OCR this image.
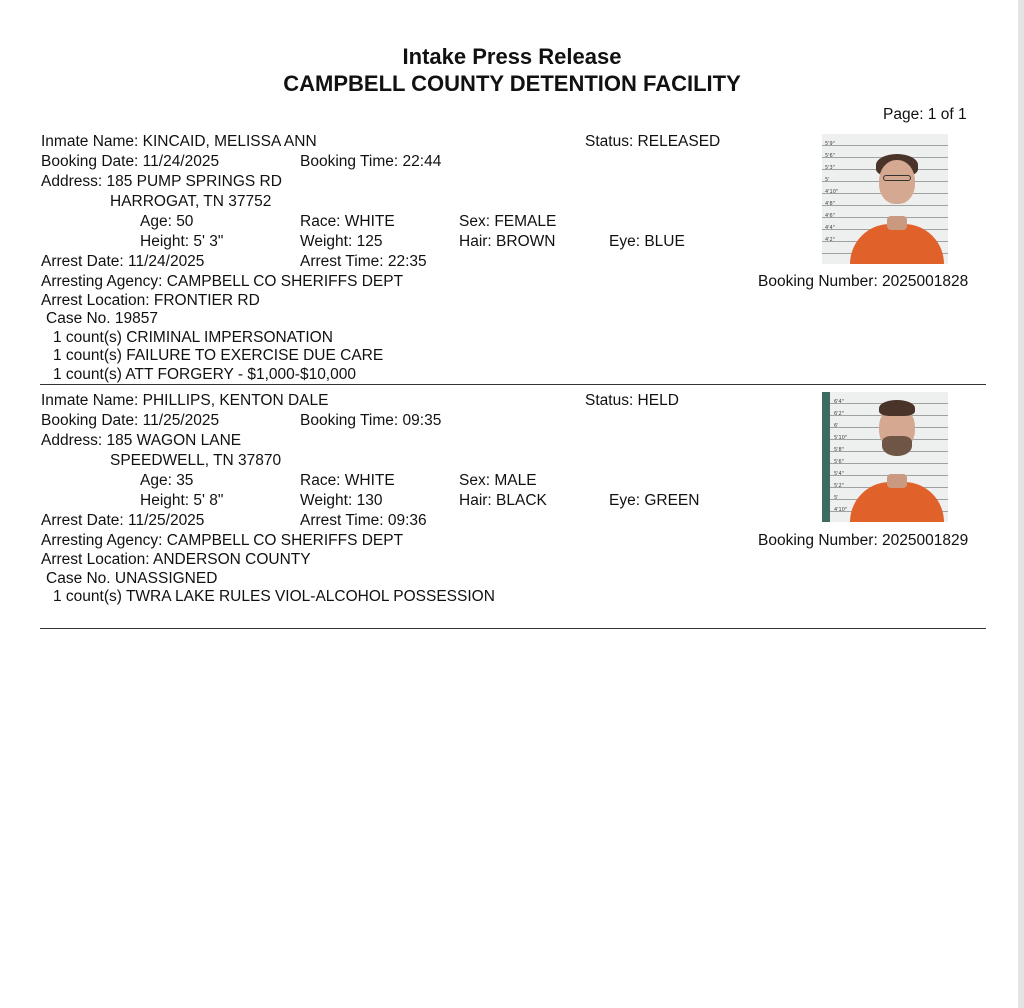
Intake Press Release
CAMPBELL COUNTY DETENTION FACILITY
Page: 1 of 1
Inmate Name: KINCAID, MELISSA ANN	Status: RELEASED
Booking Date: 11/24/2025	Booking Time: 22:44
Address: 185 PUMP SPRINGS RD
HARROGAT, TN 37752
Age: 50	Race: WHITE	Sex: FEMALE
Height: 5' 3"	Weight: 125	Hair: BROWN	Eye: BLUE
Arrest Date: 11/24/2025	Arrest Time: 22:35
Arresting Agency: CAMPBELL CO SHERIFFS DEPT	Booking Number: 2025001828
Arrest Location: FRONTIER RD
Case No. 19857
1 count(s) CRIMINAL IMPERSONATION
1 count(s) FAILURE TO EXERCISE DUE CARE
1 count(s) ATT FORGERY - $1,000-$10,000
5'9"
5'6"
5'3"
5'
4'10"
4'8"
4'6"
4'4"
4'2"
Inmate Name: PHILLIPS, KENTON DALE	Status: HELD
Booking Date: 11/25/2025	Booking Time: 09:35
Address: 185 WAGON LANE
SPEEDWELL, TN 37870
Age: 35	Race: WHITE	Sex: MALE
Height: 5' 8"	Weight: 130	Hair: BLACK	Eye: GREEN
Arrest Date: 11/25/2025	Arrest Time: 09:36
Arresting Agency: CAMPBELL CO SHERIFFS DEPT	Booking Number: 2025001829
Arrest Location: ANDERSON COUNTY
Case No. UNASSIGNED
1 count(s) TWRA LAKE RULES VIOL-ALCOHOL POSSESSION
6'4"
6'2"
6'
5'10"
5'8"
5'6"
5'4"
5'2"
5'
4'10"
